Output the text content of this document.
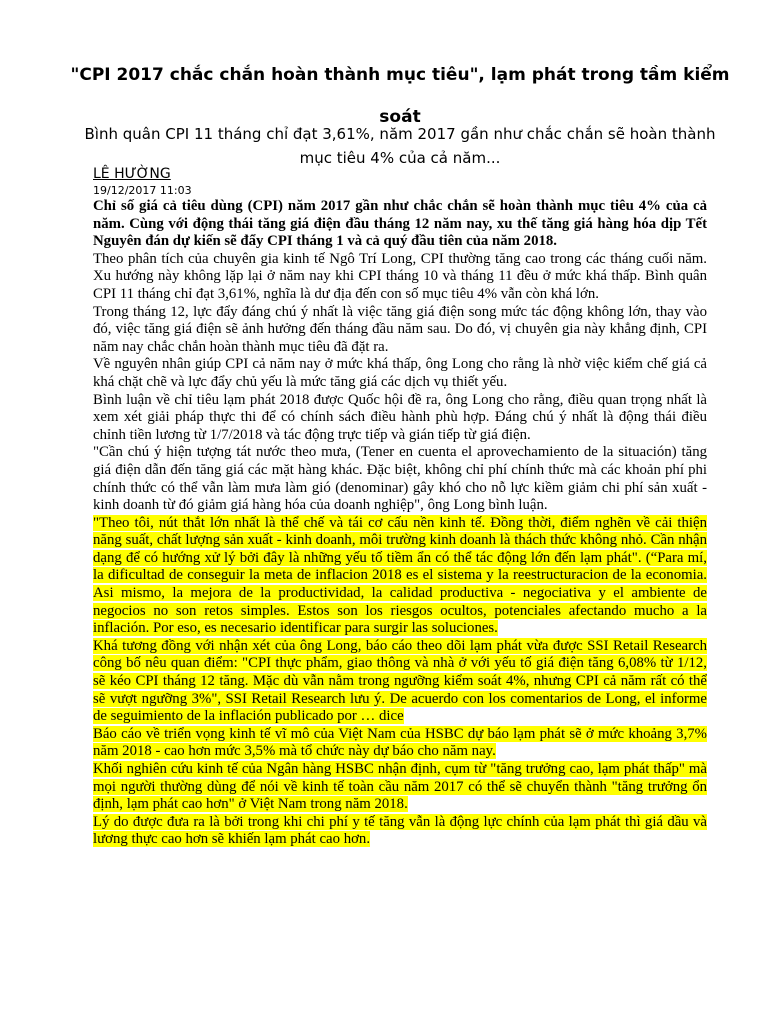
"CPI 2017 chắc chắn hoàn thành mục tiêu", lạm phát trong tầm kiểm soát
Bình quân CPI 11 tháng chỉ đạt 3,61%, năm 2017 gần như chắc chắn sẽ hoàn thành mục tiêu 4% của cả năm...
LÊ HƯỜNG
19/12/2017 11:03

Chỉ số giá cả tiêu dùng (CPI) năm 2017 gần như chắc chắn sẽ hoàn thành mục tiêu 4% của cả năm. Cùng với động thái tăng giá điện đầu tháng 12 năm nay, xu thế tăng giá hàng hóa dịp Tết Nguyên đán dự kiến sẽ đẩy CPI tháng 1 và cả quý đầu tiên của năm 2018.

Theo phân tích của chuyên gia kinh tế Ngô Trí Long, CPI thường tăng cao trong các tháng cuối năm. Xu hướng này không lặp lại ở năm nay khi CPI tháng 10 và tháng 11 đều ở mức khá thấp. Bình quân CPI 11 tháng chỉ đạt 3,61%, nghĩa là dư địa đến con số mục tiêu 4% vẫn còn khá lớn.

Trong tháng 12, lực đẩy đáng chú ý nhất là việc tăng giá điện song mức tác động không lớn, thay vào đó, việc tăng giá điện sẽ ảnh hưởng đến tháng đầu năm sau. Do đó, vị chuyên gia này khẳng định, CPI năm nay chắc chắn hoàn thành mục tiêu đã đặt ra.

Về nguyên nhân giúp CPI cả năm nay ở mức khá thấp, ông Long cho rằng là nhờ việc kiểm chế giá cả khá chặt chẽ và lực đẩy chủ yếu là mức tăng giá các dịch vụ thiết yếu.

Bình luận về chỉ tiêu lạm phát 2018 được Quốc hội đề ra, ông Long cho rằng, điều quan trọng nhất là xem xét giải pháp thực thi để có chính sách điều hành phù hợp. Đáng chú ý nhất là động thái điều chỉnh tiền lương từ 1/7/2018 và tác động trực tiếp và gián tiếp từ giá điện.

"Cần chú ý hiện tượng tát nước theo mưa, (Tener en cuenta el aprovechamiento de la situación) tăng giá điện dẫn đến tăng giá các mặt hàng khác. Đặc biệt, không chỉ phí chính thức mà các khoản phí phi chính thức có thể vẫn làm mưa làm gió (denominar) gây khó cho nỗ lực kiềm giảm chi phí sản xuất - kinh doanh từ đó giảm giá hàng hóa của doanh nghiệp", ông Long bình luận.

"Theo tôi, nút thắt lớn nhất là thể chế và tái cơ cấu nền kinh tế. Đồng thời, điểm nghẽn về cải thiện năng suất, chất lượng sản xuất - kinh doanh, môi trường kinh doanh là thách thức không nhỏ. Cần nhận dạng để có hướng xử lý bởi đây là những yếu tố tiềm ẩn có thể tác động lớn đến lạm phát". (“Para mí, la dificultad de conseguir la meta de inflacion 2018 es el sistema y la reestructuracion de la economia. Asi mismo, la mejora de la productividad, la calidad productiva - negociativa y el ambiente de negocios no son retos simples. Estos son los riesgos ocultos, potenciales afectando mucho a la inflación. Por eso, es necesario identificar para surgir las soluciones.

Khá tương đồng với nhận xét của ông Long, báo cáo theo dõi lạm phát vừa được SSI Retail Research công bố nêu quan điểm: "CPI thực phẩm, giao thông và nhà ở với yếu tố giá điện tăng 6,08% từ 1/12, sẽ kéo CPI tháng 12 tăng. Mặc dù vẫn nằm trong ngưỡng kiểm soát 4%, nhưng CPI cả năm rất có thể sẽ vượt ngưỡng 3%", SSI Retail Research lưu ý. De acuerdo con los comentarios de Long, el informe de seguimiento de la inflación publicado por … dice

Báo cáo về triển vọng kinh tế vĩ mô của Việt Nam của HSBC dự báo lạm phát sẽ ở mức khoảng 3,7% năm 2018 - cao hơn mức 3,5% mà tổ chức này dự báo cho năm nay.

Khối nghiên cứu kinh tế của Ngân hàng HSBC nhận định, cụm từ "tăng trưởng cao, lạm phát thấp" mà mọi người thường dùng để nói về kinh tế toàn cầu năm 2017 có thể sẽ chuyển thành "tăng trưởng ổn định, lạm phát cao hơn" ở Việt Nam trong năm 2018.

Lý do được đưa ra là bởi trong khi chi phí y tế tăng vẫn là động lực chính của lạm phát thì giá dầu và lương thực cao hơn sẽ khiến lạm phát cao hơn.
